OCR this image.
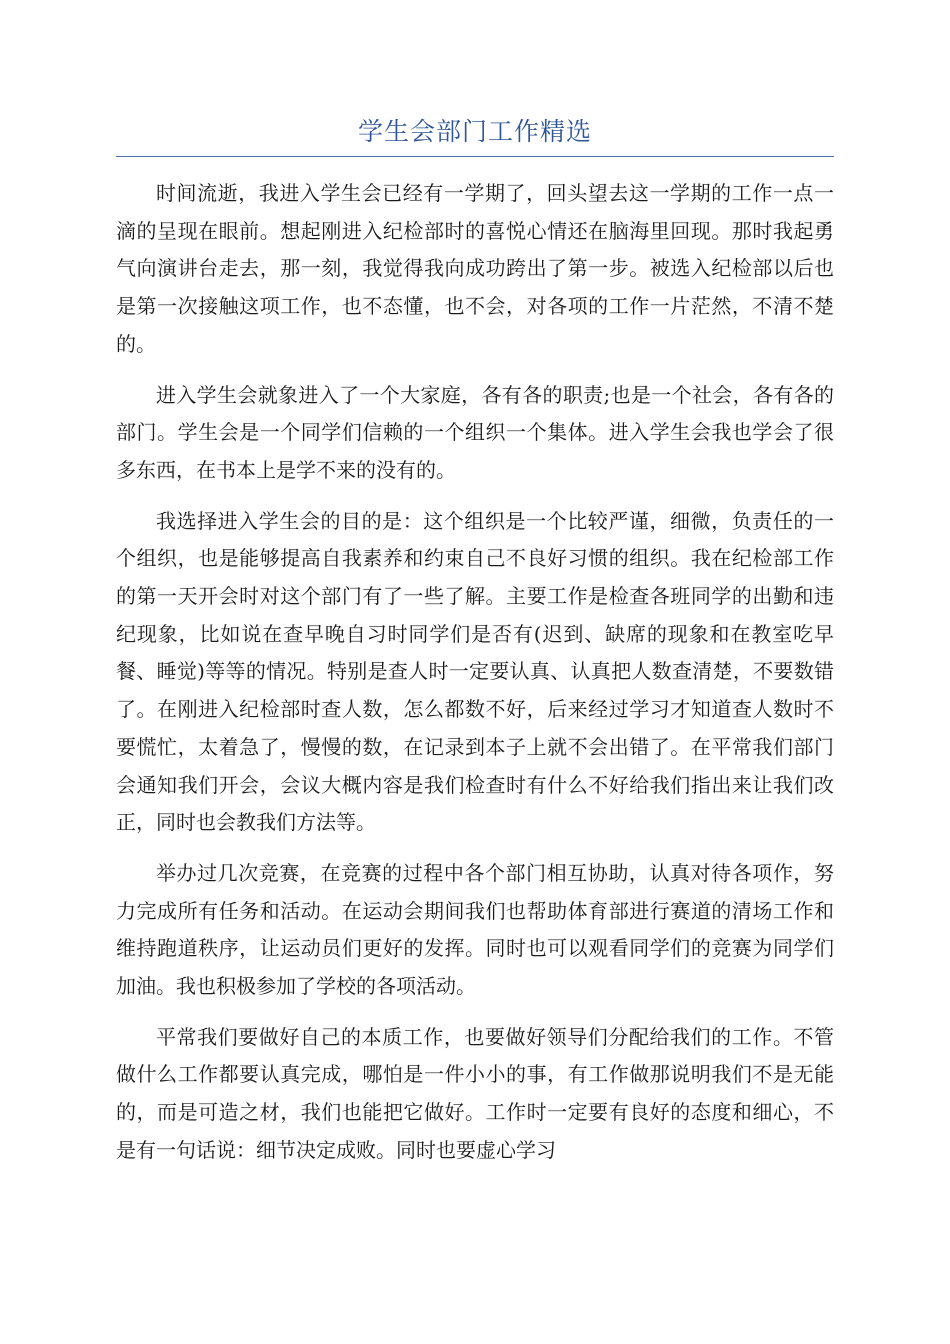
学生会部门工作精选

时间流逝，我进入学生会已经有一学期了，回头望去这一学期的工作一点一滴的呈现在眼前。想起刚进入纪检部时的喜悦心情还在脑海里回现。那时我起勇气向演讲台走去，那一刻，我觉得我向成功跨出了第一步。被选入纪检部以后也是第一次接触这项工作，也不态懂，也不会，对各项的工作一片茫然，不清不楚的。

进入学生会就象进入了一个大家庭，各有各的职责;也是一个社会，各有各的部门。学生会是一个同学们信赖的一个组织一个集体。进入学生会我也学会了很多东西，在书本上是学不来的没有的。

我选择进入学生会的目的是：这个组织是一个比较严谨，细微，负责任的一个组织，也是能够提高自我素养和约束自己不良好习惯的组织。我在纪检部工作的第一天开会时对这个部门有了一些了解。主要工作是检查各班同学的出勤和违纪现象，比如说在查早晚自习时同学们是否有(迟到、缺席的现象和在教室吃早餐、睡觉)等等的情况。特别是查人时一定要认真、认真把人数查清楚，不要数错了。在刚进入纪检部时查人数，怎么都数不好，后来经过学习才知道查人数时不要慌忙，太着急了，慢慢的数，在记录到本子上就不会出错了。在平常我们部门会通知我们开会，会议大概内容是我们检查时有什么不好给我们指出来让我们改正，同时也会教我们方法等。

举办过几次竞赛，在竞赛的过程中各个部门相互协助，认真对待各项作，努力完成所有任务和活动。在运动会期间我们也帮助体育部进行赛道的清场工作和维持跑道秩序，让运动员们更好的发挥。同时也可以观看同学们的竞赛为同学们加油。我也积极参加了学校的各项活动。

平常我们要做好自己的本质工作，也要做好领导们分配给我们的工作。不管做什么工作都要认真完成，哪怕是一件小小的事，有工作做那说明我们不是无能的，而是可造之材，我们也能把它做好。工作时一定要有良好的态度和细心，不是有一句话说：细节决定成败。同时也要虚心学习
